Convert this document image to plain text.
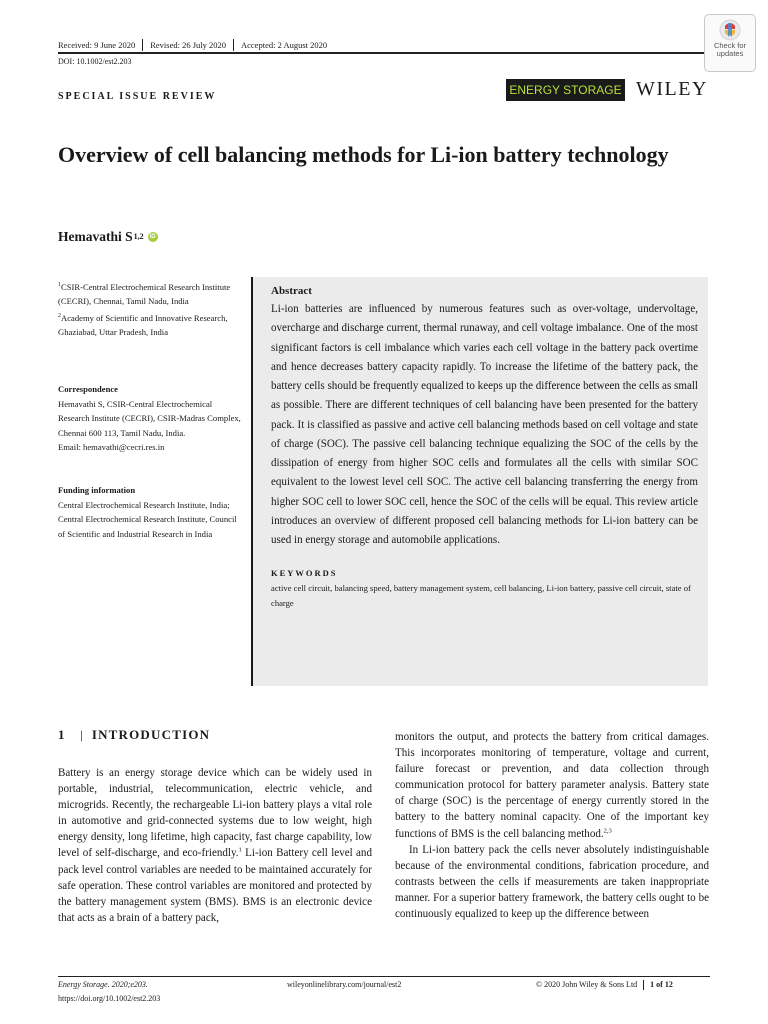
Received: 9 June 2020 Revised: 26 July 2020 Accepted: 2 August 2020
DOI: 10.1002/est2.203
Check for
updates
SPECIAL ISSUE REVIEW	ENERGY STORAGE WILEY
Overview of cell balancing methods for Li-ion battery technology
Hemavathi S$^{1,2}$	iD

$^1$CSIR-Central Electrochemical Research Institute (CECRI), Chennai, Tamil Nadu, India

$^2$Academy of Scientific and Innovative Research, Ghaziabad, Uttar Pradesh, India

Correspondence

Hemavathi S, CSIR-Central Electrochemical Research Institute (CECRI), CSIR-Madras Complex, Chennai 600 113, Tamil Nadu, India.

Email: hemavathi@cecri.res.in

Funding information

Central Electrochemical Research Institute, India; Central Electrochemical Research Institute, Council of Scientific and Industrial Research in India

Abstract

Li-ion batteries are influenced by numerous features such as over-voltage, undervoltage, overcharge and discharge current, thermal runaway, and cell voltage imbalance. One of the most significant factors is cell imbalance which varies each cell voltage in the battery pack overtime and hence decreases battery capacity rapidly. To increase the lifetime of the battery pack, the battery cells should be frequently equalized to keeps up the difference between the cells as small as possible. There are different techniques of cell balancing have been presented for the battery pack. It is classified as passive and active cell balancing methods based on cell voltage and state of charge (SOC). The passive cell balancing technique equalizing the SOC of the cells by the dissipation of energy from higher SOC cells and formulates all the cells with similar SOC equivalent to the lowest level cell SOC. The active cell balancing transferring the energy from higher SOC cell to lower SOC cell, hence the SOC of the cells will be equal. This review article introduces an overview of different proposed cell balancing methods for Li-ion battery can be used in energy storage and automobile applications.

KEYWORDS

active cell circuit, balancing speed, battery management system, cell balancing, Li-ion battery, passive cell circuit, state of charge

1 | INTRODUCTION

Battery is an energy storage device which can be widely used in portable, industrial, telecommunication, electric vehicle, and microgrids. Recently, the rechargeable Li-ion battery plays a vital role in automotive and grid-connected systems due to low weight, high energy density, long lifetime, high capacity, fast charge capability, low level of self-discharge, and eco-friendly.$^1$ Li-ion Battery cell level and pack level control variables are needed to be maintained accurately for safe operation. These control variables are monitored and protected by the battery management system (BMS). BMS is an electronic device that acts as a brain of a battery pack,

monitors the output, and protects the battery from critical damages. This incorporates monitoring of temperature, voltage and current, failure forecast or prevention, and data collection through communication protocol for battery parameter analysis. Battery state of charge (SOC) is the percentage of energy currently stored in the battery to the battery nominal capacity. One of the important key functions of BMS is the cell balancing method.$^{2,3}$

In Li-ion battery pack the cells never absolutely indistinguishable because of the environmental conditions, fabrication procedure, and contrasts between the cells if measurements are taken inappropriate manner. For a superior battery framework, the battery cells ought to be continuously equalized to keep up the difference between

Energy Storage. 2020;e203.
https://doi.org/10.1002/est2.203
wileyonlinelibrary.com/journal/est2	© 2020 John Wiley & Sons Ltd 1 of 12
